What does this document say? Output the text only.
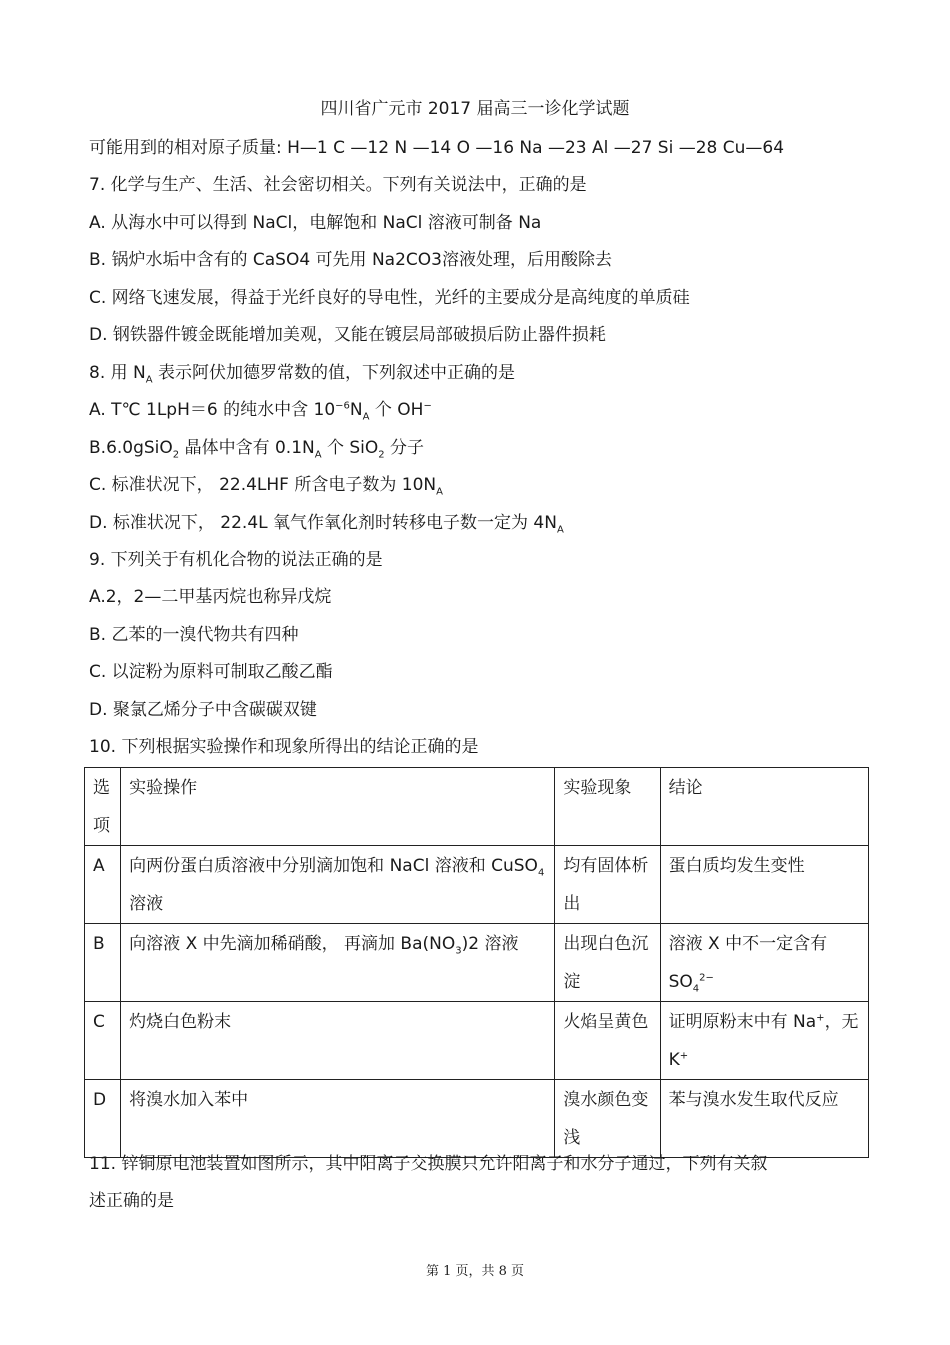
四川省广元市 2017 届高三一诊化学试题
可能用到的相对原子质量: H—1 C —12 N —14 O —16 Na —23 Al —27 Si —28 Cu—64
7. 化学与生产、生活、社会密切相关。下列有关说法中，正确的是
A. 从海水中可以得到 NaCl，电解饱和 NaCl 溶液可制备 Na
B. 锅炉水垢中含有的 CaSO4 可先用 Na2CO3溶液处理，后用酸除去
C. 网络飞速发展，得益于光纤良好的导电性，光纤的主要成分是高纯度的单质硅
D. 钢铁器件镀金既能增加美观，又能在镀层局部破损后防止器件损耗
8. 用 $N_A$ 表示阿伏加德罗常数的值，下列叙述中正确的是
A. T℃ 1LpH＝6 的纯水中含 $10^{-6}N_A$ 个 OH−
B.6.0gSiO$_2$ 晶体中含有 $0.1N_A$ 个 SiO$_2$ 分子
C. 标准状况下， 22.4LHF 所含电子数为 $10N_A$
D. 标准状况下， 22.4L 氧气作氧化剂时转移电子数一定为 $4N_A$
9. 下列关于有机化合物的说法正确的是
A.2，2—二甲基丙烷也称异戊烷
B. 乙苯的一溴代物共有四种
C. 以淀粉为原料可制取乙酸乙酯
D. 聚氯乙烯分子中含碳碳双键
10. 下列根据实验操作和现象所得出的结论正确的是
选项	实验操作	实验现象	结论
A	向两份蛋白质溶液中分别滴加饱和 NaCl 溶液和 CuSO$_4$溶液	均有固体析出	蛋白质均发生变性
B	向溶液 X 中先滴加稀硝酸， 再滴加 $Ba(NO_3)2$ 溶液	出现白色沉淀	溶液 X 中不一定含有 $SO_4^{2-}$
C	灼烧白色粉末	火焰呈黄色	证明原粉末中有 Na+，无 K+
D	将溴水加入苯中	溴水颜色变浅	苯与溴水发生取代反应
11. 锌铜原电池装置如图所示，其中阳离子交换膜只允许阳离子和水分子通过，下列有关叙
述正确的是
第 1 页，共 8 页
